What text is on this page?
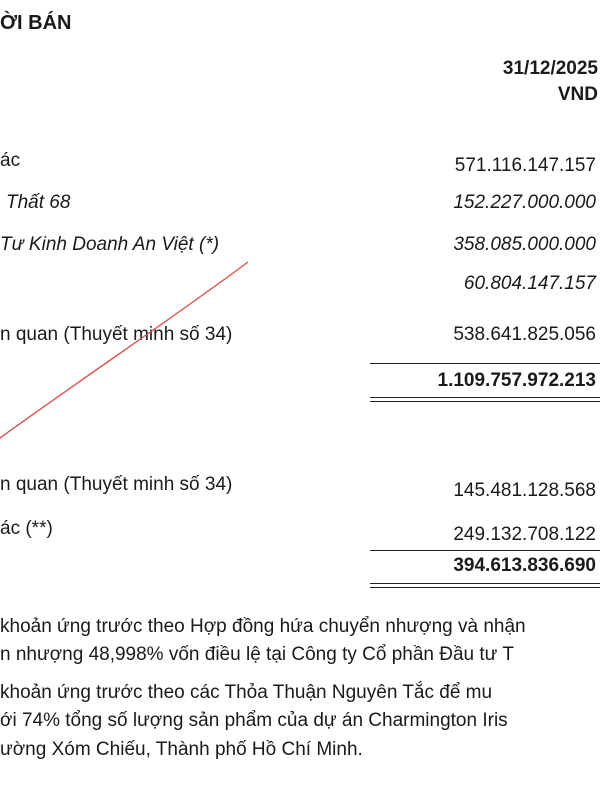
ỜI BÁN
31/12/2025
VND
ác
Thất 68
Tư Kinh Doanh An Việt (*)
n quan (Thuyết minh số 34)
n quan (Thuyết minh số 34)
ác (**)
571.116.147.157
152.227.000.000
358.085.000.000
60.804.147.157
538.641.825.056
1.109.757.972.213
145.481.128.568
249.132.708.122
394.613.836.690
khoản ứng trước theo Hợp đồng hứa chuyển nhượng và nhận
n nhượng 48,998% vốn điều lệ tại Công ty Cổ phần Đầu tư T
khoản ứng trước theo các Thỏa Thuận Nguyên Tắc để mu
ới 74% tổng số lượng sản phẩm của dự án Charmington Iris
ường Xóm Chiếu, Thành phố Hồ Chí Minh.
